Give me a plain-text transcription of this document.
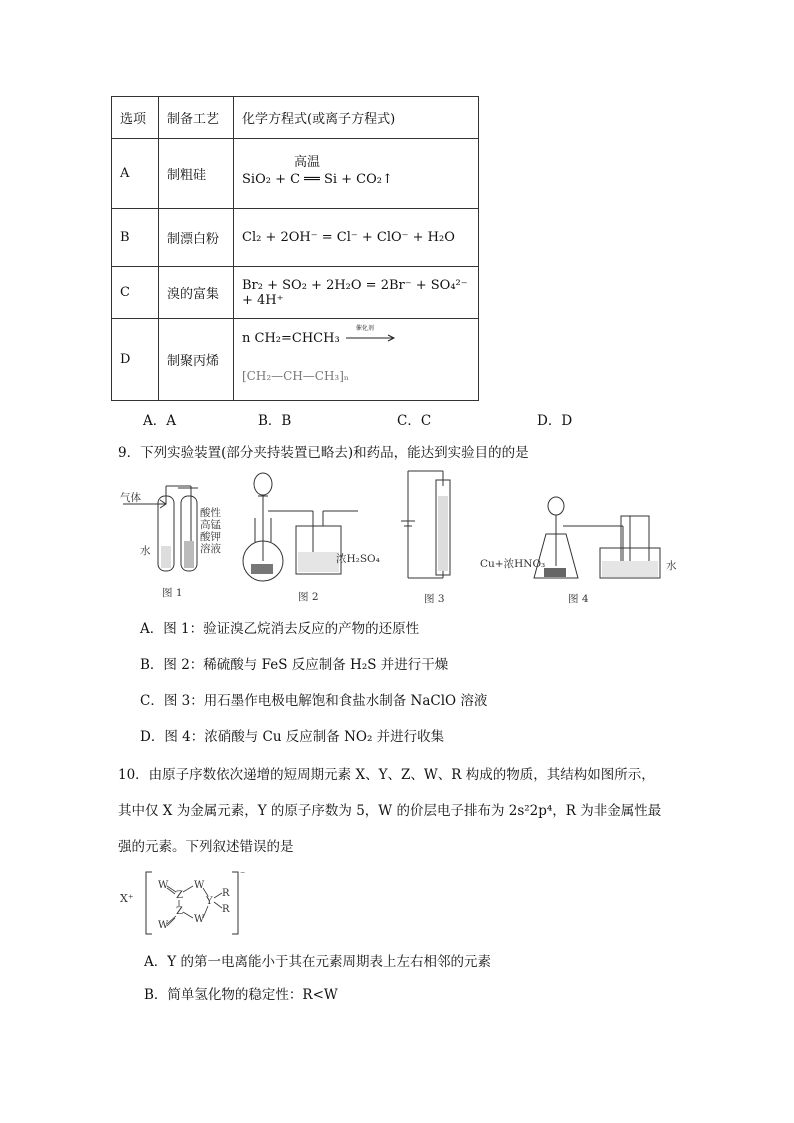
选项	制备工艺	化学方程式(或离子方程式)
A	制粗硅	高温
SiO₂ + C ══ Si + CO₂↑
B	制漂白粉	Cl₂ + 2OH⁻ = Cl⁻ + ClO⁻ + H₂O
C	溴的富集	Br₂ + SO₂ + 2H₂O = 2Br⁻ + SO₄²⁻ + 4H⁺
D	制聚丙烯	n CH₂=CHCH₃
催化剂
[CH₂—CH—CH₃]ₙ
A．A	B．B	C．C	D．D
9．下列实验装置(部分夹持装置已略去)和药品，能达到实验目的的是
气体
水
酸性
高锰
酸钾
溶液
图 1
浓H₂SO₄
图 2	图 3
Cu+浓HNO₃	水
图 4
A．图 1：验证溴乙烷消去反应的产物的还原性
B．图 2：稀硫酸与 FeS 反应制备 H₂S 并进行干燥
C．图 3：用石墨作电极电解饱和食盐水制备 NaClO 溶液
D．图 4：浓硝酸与 Cu 反应制备 NO₂ 并进行收集
10．由原子序数依次递增的短周期元素 X、Y、Z、W、R 构成的物质，其结构如图所示，
其中仅 X 为金属元素，Y 的原子序数为 5，W 的价层电子排布为 2s²2p⁴，R 为非金属性最
强的元素。下列叙述错误的是
X⁺
⁻
W
Z
W
Y
R
R
Z
W
W
A．Y 的第一电离能小于其在元素周期表上左右相邻的元素
B．简单氢化物的稳定性：R<W
